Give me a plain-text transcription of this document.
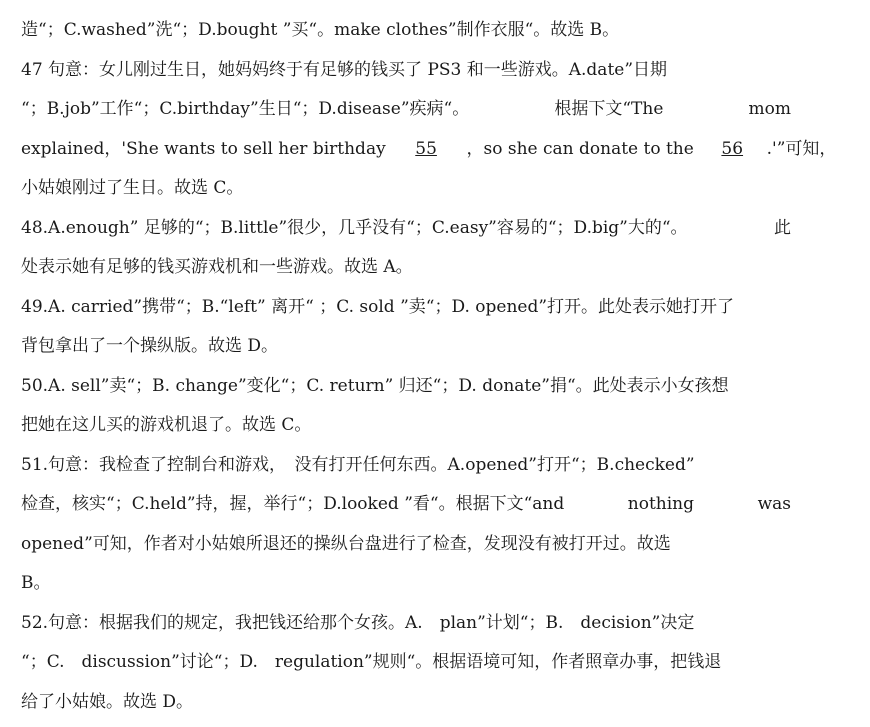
造“；C.washed”洗“；D.bought ”买“。make clothes”制作衣服“。故选 B。
47 句意：女儿刚过生日，她妈妈终于有足够的钱买了 PS3 和一些游戏。A.date”日期
“；B.job”工作“；C.birthday”生日“；D.disease”疾病“。	根据下文“The	mom
explained，'She wants to sell her birthday 55 ，so she can donate to the 56 .'”可知，
小姑娘刚过了生日。故选 C。
48.A.enough” 足够的“；B.little”很少，几乎没有“；C.easy”容易的“；D.big”大的“。	此
处表示她有足够的钱买游戏机和一些游戏。故选 A。
49.A. carried”携带“；B.“left” 离开“ ；C. sold ”卖“；D. opened”打开。此处表示她打开了
背包拿出了一个操纵版。故选 D。
50.A. sell”卖“；B. change”变化“；C. return” 归还“；D. donate”捐“。此处表示小女孩想
把她在这儿买的游戏机退了。故选 C。
51.句意：我检查了控制台和游戏，　没有打开任何东西。A.opened”打开“；B.checked”
检查，核实“；C.held”持，握，举行“；D.looked ”看“。根据下文“and	nothing	was
opened”可知，作者对小姑娘所退还的操纵台盘进行了检查，发现没有被打开过。故选
B。
52.句意：根据我们的规定，我把钱还给那个女孩。A.　plan”计划“；B.　decision”决定
“；C.　discussion”讨论“；D.　regulation”规则“。根据语境可知，作者照章办事，把钱退
给了小姑娘。故选 D。
